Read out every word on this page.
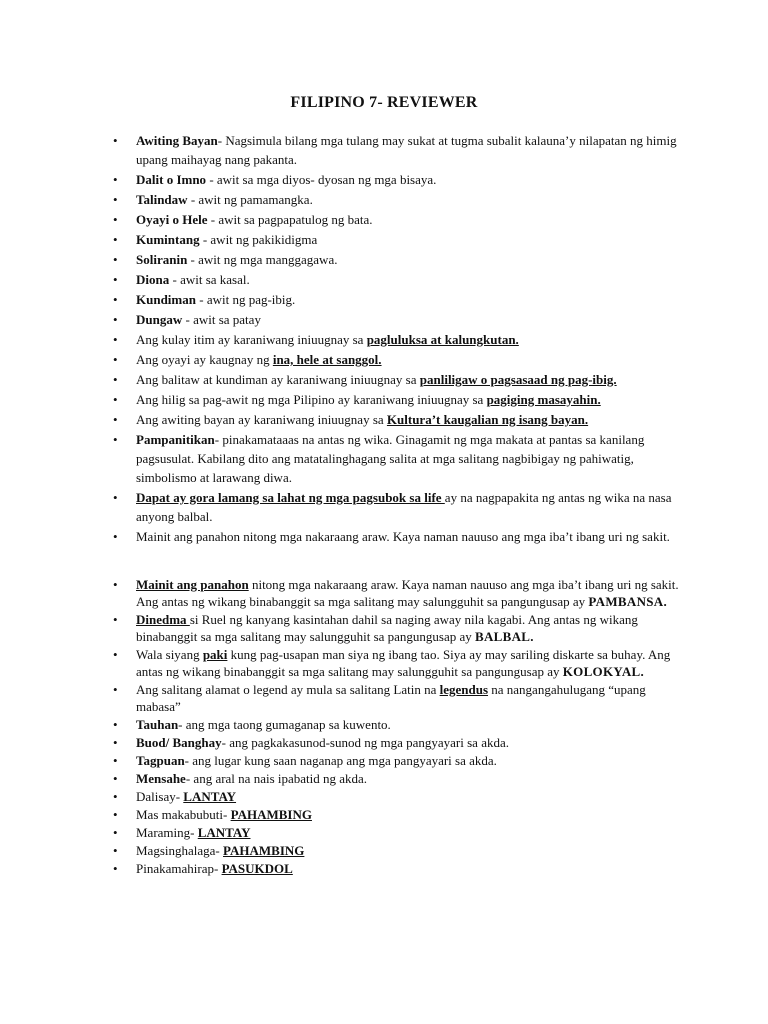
FILIPINO 7- REVIEWER
• Awiting Bayan- Nagsimula bilang mga tulang may sukat at tugma subalit kalauna’y nilapatan ng himig upang maihayag nang pakanta.
• Dalit o Imno - awit sa mga diyos- dyosan ng mga bisaya.
• Talindaw - awit ng pamamangka.
• Oyayi o Hele - awit sa pagpapatulog ng bata.
• Kumintang - awit ng pakikidigma
• Soliranin - awit ng mga manggagawa.
• Diona - awit sa kasal.
• Kundiman - awit ng pag-ibig.
• Dungaw - awit sa patay
• Ang kulay itim ay karaniwang iniuugnay sa pagluluksa at kalungkutan.
• Ang oyayi ay kaugnay ng ina, hele at sanggol.
• Ang balitaw at kundiman ay karaniwang iniuugnay sa panliligaw o pagsasaad ng pag-ibig.
• Ang hilig sa pag-awit ng mga Pilipino ay karaniwang iniuugnay sa pagiging masayahin.
• Ang awiting bayan ay karaniwang iniuugnay sa Kultura’t kaugalian ng isang bayan.
• Pampanitikan- pinakamataaas na antas ng wika. Ginagamit ng mga makata at pantas sa kanilang pagsusulat. Kabilang dito ang matatalinghagang salita at mga salitang nagbibigay ng pahiwatig, simbolismo at larawang diwa.
• Dapat ay gora lamang sa lahat ng mga pagsubok sa life ay na nagpapakita ng antas ng wika na nasa anyong balbal.
• Mainit ang panahon nitong mga nakaraang araw. Kaya naman nauuso ang mga iba’t ibang uri ng sakit.
• Mainit ang panahon nitong mga nakaraang araw. Kaya naman nauuso ang mga iba’t ibang uri ng sakit. Ang antas ng wikang binabanggit sa mga salitang may salungguhit sa pangungusap ay PAMBANSA.
• Dinedma si Ruel ng kanyang kasintahan dahil sa naging away nila kagabi. Ang antas ng wikang binabanggit sa mga salitang may salungguhit sa pangungusap ay BALBAL.
• Wala siyang paki kung pag-usapan man siya ng ibang tao. Siya ay may sariling diskarte sa buhay. Ang antas ng wikang binabanggit sa mga salitang may salungguhit sa pangungusap ay KOLOKYAL.
• Ang salitang alamat o legend ay mula sa salitang Latin na legendus na nangangahulugang “upang mabasa”
• Tauhan- ang mga taong gumaganap sa kuwento.
• Buod/ Banghay- ang pagkakasunod-sunod ng mga pangyayari sa akda.
• Tagpuan- ang lugar kung saan naganap ang mga pangyayari sa akda.
• Mensahe- ang aral na nais ipabatid ng akda.
• Dalisay- LANTAY
• Mas makabubuti- PAHAMBING
• Maraming- LANTAY
• Magsinghalaga- PAHAMBING
• Pinakamahirap- PASUKDOL
